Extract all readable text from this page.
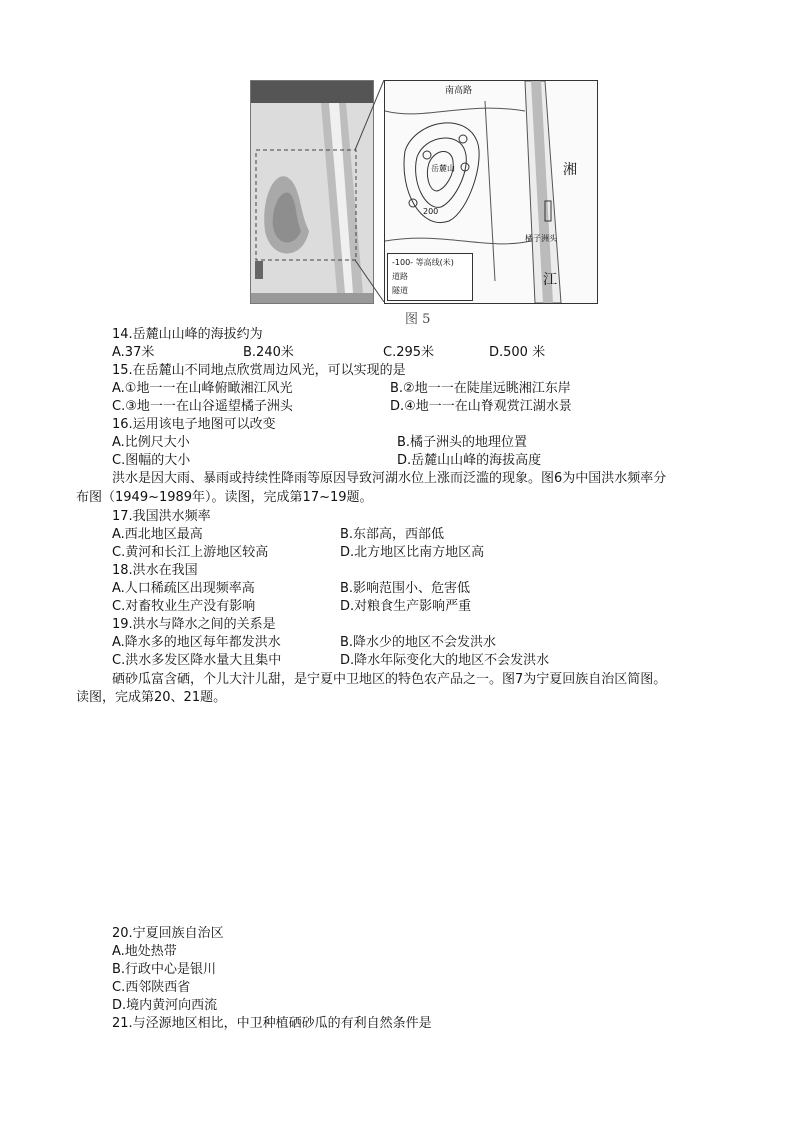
南高路
湘
江
橘子洲头
岳麓山
200
-100- 等高线(米)
道路
隧道
图 5
14.岳麓山山峰的海拔约为
A.37米	B.240米	C.295米	D.500 米
15.在岳麓山不同地点欣赏周边风光，可以实现的是
A.①地一一在山峰俯瞰湘江风光	B.②地一一在陡崖远眺湘江东岸
C.③地一一在山谷遥望橘子洲头	D.④地一一在山脊观赏江湖水景
16.运用该电子地图可以改变
A.比例尺大小	B.橘子洲头的地理位置
C.图幅的大小	D.岳麓山山峰的海拔高度
洪水是因大雨、暴雨或持续性降雨等原因导致河湖水位上涨而泛滥的现象。图6为中国洪水频率分
布图（1949~1989年）。读图，完成第17~19题。
17.我国洪水频率
A.西北地区最高	B.东部高，西部低
C.黄河和长江上游地区较高	D.北方地区比南方地区高
18.洪水在我国
A.人口稀疏区出现频率高	B.影响范围小、危害低
C.对畜牧业生产没有影响	D.对粮食生产影响严重
19.洪水与降水之间的关系是
A.降水多的地区每年都发洪水	B.降水少的地区不会发洪水
C.洪水多发区降水量大且集中	D.降水年际变化大的地区不会发洪水
硒砂瓜富含硒，个儿大汁儿甜，是宁夏中卫地区的特色农产品之一。图7为宁夏回族自治区简图。
读图，完成第20、21题。
20.宁夏回族自治区
A.地处热带
B.行政中心是银川
C.西邻陕西省
D.境内黄河向西流
21.与泾源地区相比，中卫种植硒砂瓜的有利自然条件是
